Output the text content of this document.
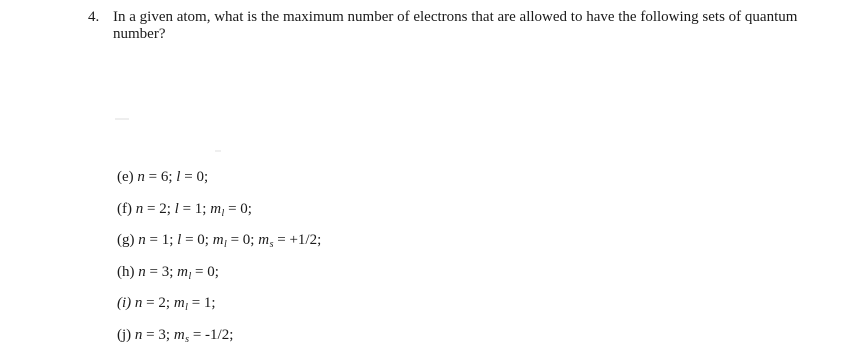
4. In a given atom, what is the maximum number of electrons that are allowed to have the following sets of quantum number?
(e) n = 6; l = 0;
(f) n = 2; l = 1; $m_l = 0$;
(g) n = 1; l = 0; $m_l = 0$; $m_s = +1/2$;
(h) n = 3; $m_l = 0$;
(i) n = 2; $m_l = 1$;
(j) n = 3; $m_s = -1/2$;
